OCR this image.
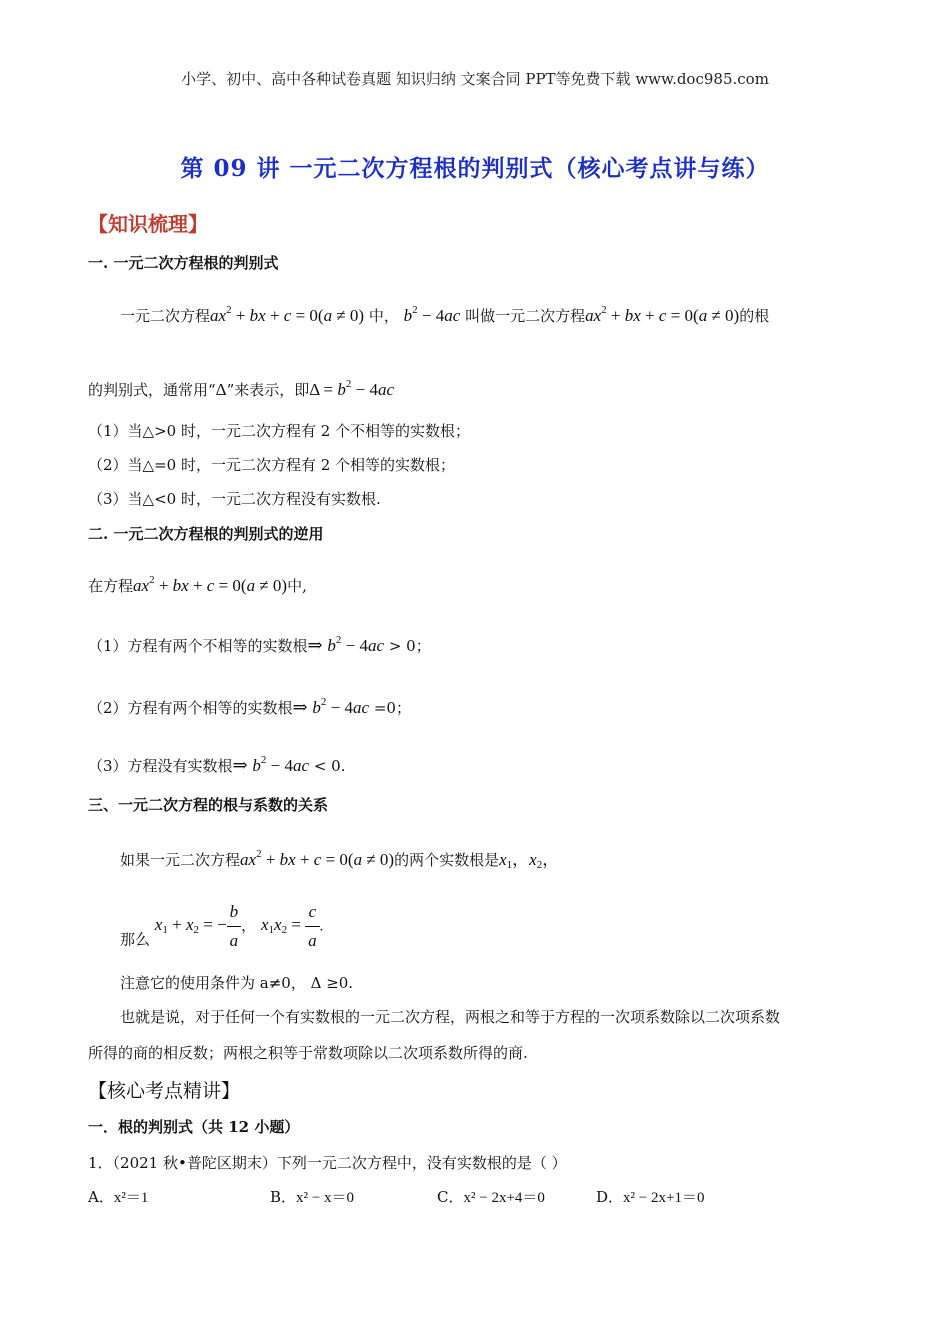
小学、初中、高中各种试卷真题 知识归纳 文案合同 PPT等免费下载 www.doc985.com
第 09 讲 一元二次方程根的判别式（核心考点讲与练）
【知识梳理】
一. 一元二次方程根的判别式
一元二次方程$ax^2$ + bx + c = 0(a ≠ 0) 中， $b^2 - 4ac$ 叫做一元二次方程$ax^2$ + bx + c = 0(a ≠ 0)的根
的判别式，通常用“Δ”来表示，即$\Delta = b^2 - 4ac$
（1）当△>0 时，一元二次方程有 2 个不相等的实数根；
（2）当△=0 时，一元二次方程有 2 个相等的实数根；
（3）当△<0 时，一元二次方程没有实数根.
二. 一元二次方程根的判别式的逆用
在方程$ax^2$ + bx + c = 0(a ≠ 0)中,
（1）方程有两个不相等的实数根⇒ $b^2 - 4ac > 0$；
（2）方程有两个相等的实数根⇒ $b^2 - 4ac =0$；
（3）方程没有实数根⇒ $b^2 - 4ac < 0$.
三、一元二次方程的根与系数的关系
如果一元二次方程$ax^2$ + bx + c = 0(a ≠ 0)的两个实数根是$x_1$，$x_2$，
那么 $x_1 + x_2$ = − $\frac{b}{a}$ ， $x_1x_2 = \frac{c}{a}$ .
注意它的使用条件为 a≠0， Δ ≥0.
也就是说，对于任何一个有实数根的一元二次方程，两根之和等于方程的一次项系数除以二次项系数
所得的商的相反数；两根之积等于常数项除以二次项系数所得的商.
【核心考点精讲】
一．根的判别式（共 12 小题）
1．（2021 秋•普陀区期末）下列一元二次方程中，没有实数根的是（ ）
A．x²＝1	B．x² − x＝0	C．x² − 2x+4＝0	D．x² − 2x+1＝0
